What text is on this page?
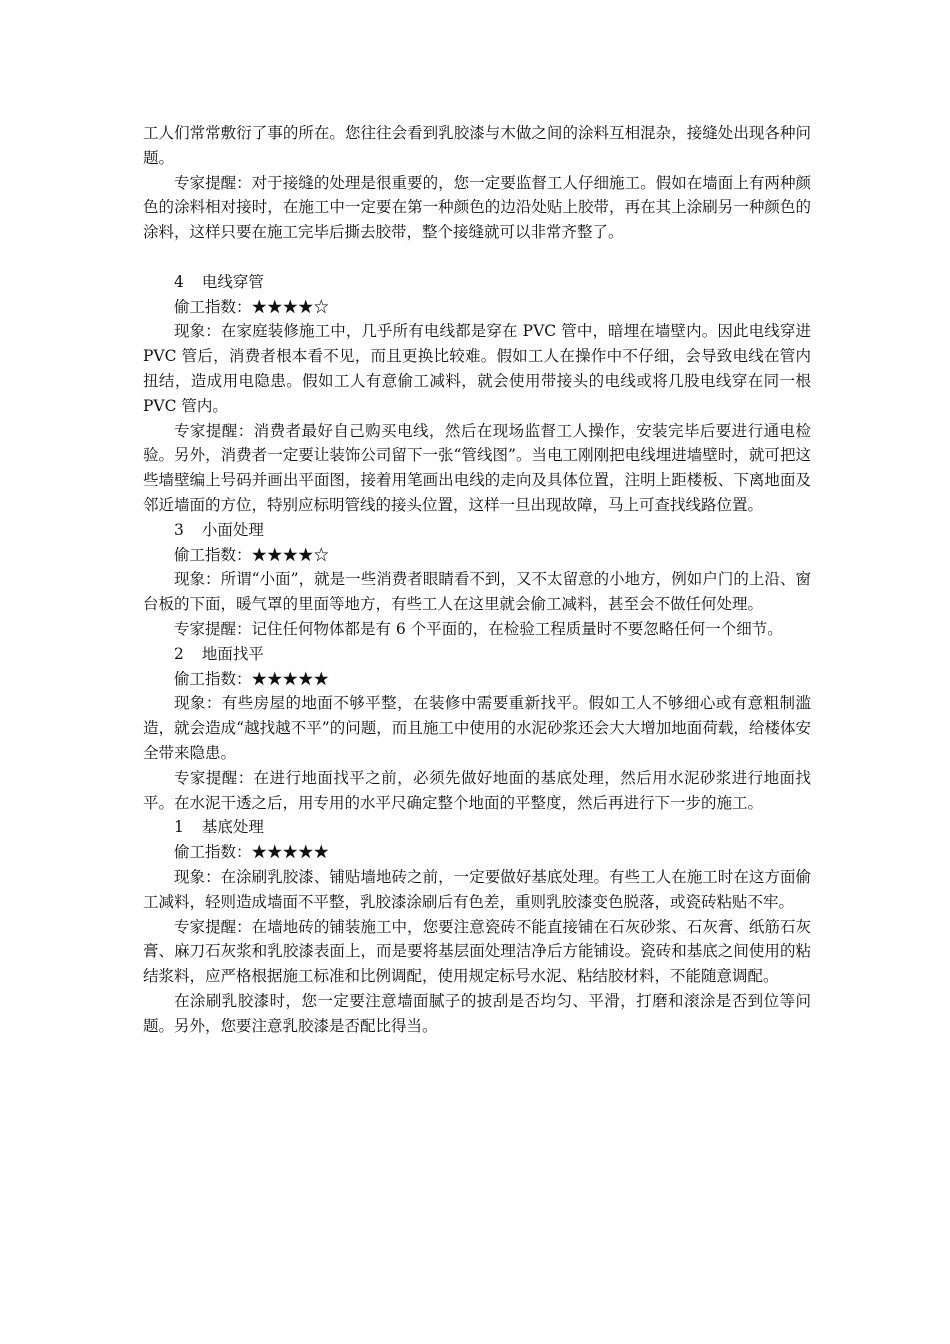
工人们常常敷衍了事的所在。您往往会看到乳胶漆与木做之间的涂料互相混杂，接缝处出现各种问题。

专家提醒：对于接缝的处理是很重要的，您一定要监督工人仔细施工。假如在墙面上有两种颜色的涂料相对接时，在施工中一定要在第一种颜色的边沿处贴上胶带，再在其上涂刷另一种颜色的涂料，这样只要在施工完毕后撕去胶带，整个接缝就可以非常齐整了。

4 电线穿管

偷工指数：★★★★☆

现象：在家庭装修施工中，几乎所有电线都是穿在 PVC 管中，暗埋在墙壁内。因此电线穿进 PVC 管后，消费者根本看不见，而且更换比较难。假如工人在操作中不仔细，会导致电线在管内扭结，造成用电隐患。假如工人有意偷工减料，就会使用带接头的电线或将几股电线穿在同一根 PVC 管内。

专家提醒：消费者最好自己购买电线，然后在现场监督工人操作，安装完毕后要进行通电检验。另外，消费者一定要让装饰公司留下一张“管线图”。当电工刚刚把电线埋进墙壁时，就可把这些墙壁编上号码并画出平面图，接着用笔画出电线的走向及具体位置，注明上距楼板、下离地面及邻近墙面的方位，特别应标明管线的接头位置，这样一旦出现故障，马上可查找线路位置。

3 小面处理

偷工指数：★★★★☆

现象：所谓“小面”，就是一些消费者眼睛看不到，又不太留意的小地方，例如户门的上沿、窗台板的下面，暖气罩的里面等地方，有些工人在这里就会偷工减料，甚至会不做任何处理。

专家提醒：记住任何物体都是有 6 个平面的，在检验工程质量时不要忽略任何一个细节。

2 地面找平

偷工指数：★★★★★

现象：有些房屋的地面不够平整，在装修中需要重新找平。假如工人不够细心或有意粗制滥造，就会造成“越找越不平”的问题，而且施工中使用的水泥砂浆还会大大增加地面荷载，给楼体安全带来隐患。

专家提醒：在进行地面找平之前，必须先做好地面的基底处理，然后用水泥砂浆进行地面找平。在水泥干透之后，用专用的水平尺确定整个地面的平整度，然后再进行下一步的施工。

1 基底处理

偷工指数：★★★★★

现象：在涂刷乳胶漆、铺贴墙地砖之前，一定要做好基底处理。有些工人在施工时在这方面偷工减料，轻则造成墙面不平整，乳胶漆涂刷后有色差，重则乳胶漆变色脱落，或瓷砖粘贴不牢。

专家提醒：在墙地砖的铺装施工中，您要注意瓷砖不能直接铺在石灰砂浆、石灰膏、纸筋石灰膏、麻刀石灰浆和乳胶漆表面上，而是要将基层面处理洁净后方能铺设。瓷砖和基底之间使用的粘结浆料，应严格根据施工标准和比例调配，使用规定标号水泥、粘结胶材料，不能随意调配。

在涂刷乳胶漆时，您一定要注意墙面腻子的披刮是否均匀、平滑，打磨和滚涂是否到位等问题。另外，您要注意乳胶漆是否配比得当。
